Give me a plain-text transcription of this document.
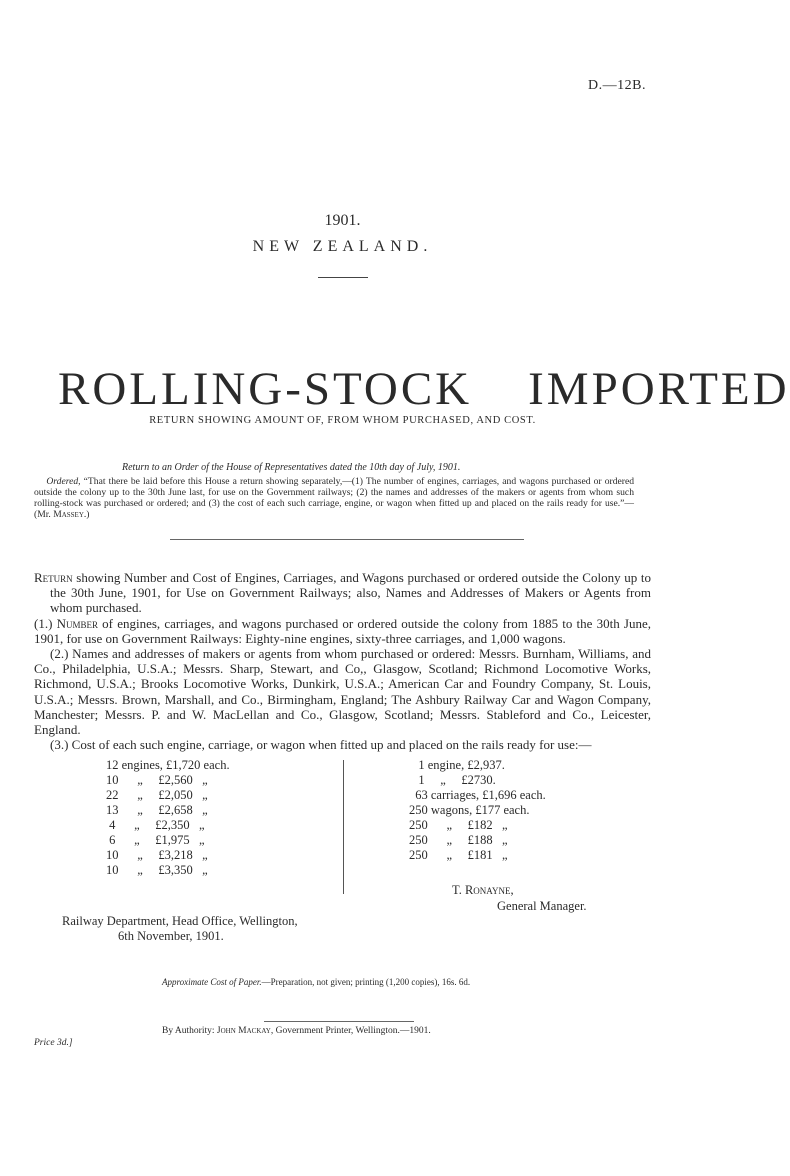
D.—12B.
1901.
NEW ZEALAND.
ROLLING-STOCK IMPORTED
RETURN SHOWING AMOUNT OF, FROM WHOM PURCHASED, AND COST.
Return to an Order of the House of Representatives dated the 10th day of July, 1901.
Ordered, “That there be laid before this House a return showing separately,—(1) The number of engines, carriages, and wagons purchased or ordered outside the colony up to the 30th June last, for use on the Government railways; (2) the names and addresses of the makers or agents from whom such rolling-stock was purchased or ordered; and (3) the cost of each such carriage, engine, or wagon when fitted up and placed on the rails ready for use.”—(Mr. Massey.)

Return showing Number and Cost of Engines, Carriages, and Wagons purchased or ordered outside the Colony up to the 30th June, 1901, for Use on Government Railways; also, Names and Addresses of Makers or Agents from whom purchased.

(1.) Number of engines, carriages, and wagons purchased or ordered outside the colony from 1885 to the 30th June, 1901, for use on Government Railways: Eighty-nine engines, sixty-three carriages, and 1,000 wagons.

(2.) Names and addresses of makers or agents from whom purchased or ordered: Messrs. Burnham, Williams, and Co., Philadelphia, U.S.A.; Messrs. Sharp, Stewart, and Co,, Glasgow, Scotland; Richmond Locomotive Works, Richmond, U.S.A.; Brooks Locomotive Works, Dunkirk, U.S.A.; American Car and Foundry Company, St. Louis, U.S.A.; Messrs. Brown, Marshall, and Co., Birmingham, England; The Ashbury Railway Car and Wagon Company, Manchester; Messrs. P. and W. MacLellan and Co., Glasgow, Scotland; Messrs. Stableford and Co., Leicester, England.

(3.) Cost of each such engine, carriage, or wagon when fitted up and placed on the rails ready for use:—

12 engines, £1,720 each.
10      „     £2,560   „
22      „     £2,050   „
13      „     £2,658   „
4      „     £2,350   „
6      „     £1,975   „
10      „     £3,218   „
10      „     £3,350   „
1 engine, £2,937.
1     „     £2730.
63 carriages, £1,696 each.
250 wagons, £177 each.
250      „     £182   „
250      „     £188   „
250      „     £181   „
T. Ronayne,
General Manager.
Railway Department, Head Office, Wellington,
6th November, 1901.
Approximate Cost of Paper.—Preparation, not given; printing (1,200 copies), 16s. 6d.
By Authority: John Mackay, Government Printer, Wellington.—1901.
Price 3d.]
